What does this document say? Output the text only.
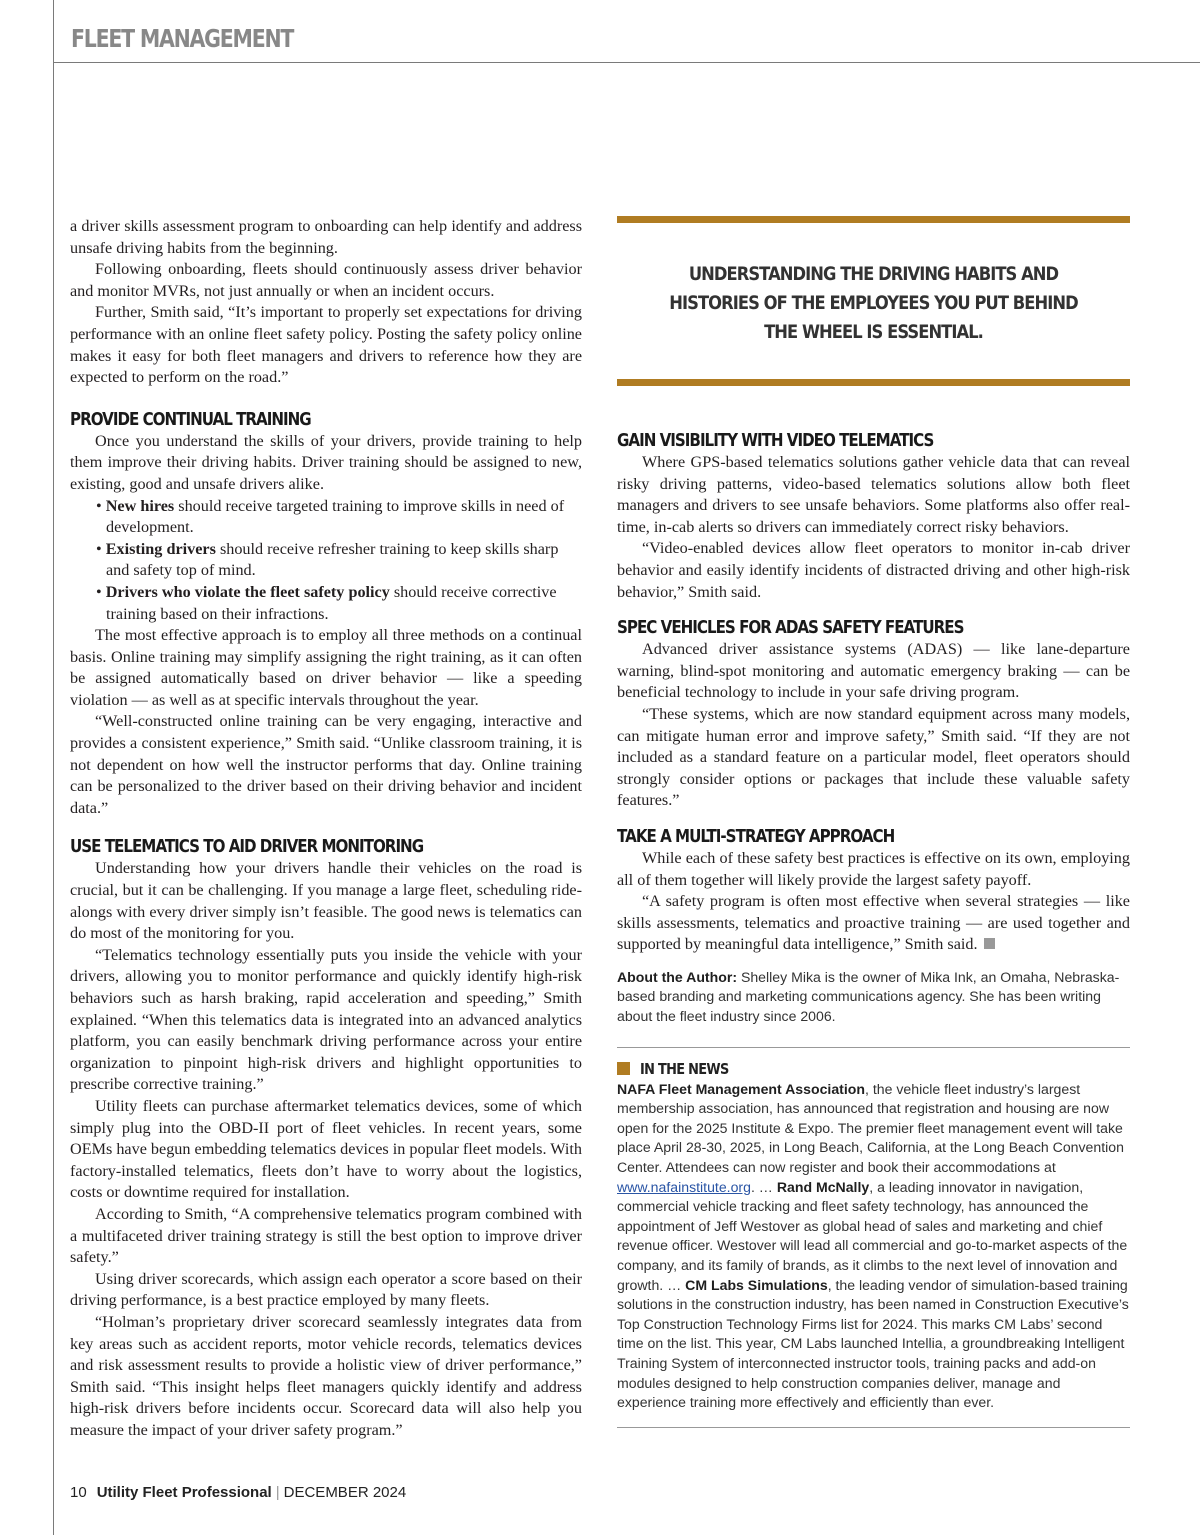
FLEET MANAGEMENT

a driver skills assessment program to onboarding can help identify and address unsafe driving habits from the beginning.

Following onboarding, fleets should continuously assess driver behavior and monitor MVRs, not just annually or when an incident occurs.

Further, Smith said, “It’s important to properly set expectations for driving performance with an online fleet safety policy. Posting the safety policy online makes it easy for both fleet managers and drivers to reference how they are expected to perform on the road.”

PROVIDE CONTINUAL TRAINING

Once you understand the skills of your drivers, provide training to help them improve their driving habits. Driver training should be assigned to new, existing, good and unsafe drivers alike.

• New hires should receive targeted training to improve skills in need of development.
• Existing drivers should receive refresher training to keep skills sharp and safety top of mind.
• Drivers who violate the fleet safety policy should receive corrective training based on their infractions.

The most effective approach is to employ all three methods on a continual basis. Online training may simplify assigning the right training, as it can often be assigned automatically based on driver behavior — like a speeding violation — as well as at specific intervals throughout the year.

“Well-constructed online training can be very engaging, interactive and provides a consistent experience,” Smith said. “Unlike classroom training, it is not dependent on how well the instructor performs that day. Online training can be personalized to the driver based on their driving behavior and incident data.”

USE TELEMATICS TO AID DRIVER MONITORING

Understanding how your drivers handle their vehicles on the road is crucial, but it can be challenging. If you manage a large fleet, scheduling ride-alongs with every driver simply isn’t feasible. The good news is telematics can do most of the monitoring for you.

“Telematics technology essentially puts you inside the vehicle with your drivers, allowing you to monitor performance and quickly identify high-risk behaviors such as harsh braking, rapid acceleration and speeding,” Smith explained. “When this telematics data is integrated into an advanced analytics platform, you can easily benchmark driving performance across your entire organization to pinpoint high-risk drivers and highlight opportunities to prescribe corrective training.”

Utility fleets can purchase aftermarket telematics devices, some of which simply plug into the OBD-II port of fleet vehicles. In recent years, some OEMs have begun embedding telematics devices in popular fleet models. With factory-installed telematics, fleets don’t have to worry about the logistics, costs or downtime required for installation.

According to Smith, “A comprehensive telematics program combined with a multifaceted driver training strategy is still the best option to improve driver safety.”

Using driver scorecards, which assign each operator a score based on their driving performance, is a best practice employed by many fleets.

“Holman’s proprietary driver scorecard seamlessly integrates data from key areas such as accident reports, motor vehicle records, telematics devices and risk assessment results to provide a holistic view of driver performance,” Smith said. “This insight helps fleet managers quickly identify and address high-risk drivers before incidents occur. Scorecard data will also help you measure the impact of your driver safety program.”

UNDERSTANDING THE DRIVING HABITS AND HISTORIES OF THE EMPLOYEES YOU PUT BEHIND THE WHEEL IS ESSENTIAL.
GAIN VISIBILITY WITH VIDEO TELEMATICS

Where GPS-based telematics solutions gather vehicle data that can reveal risky driving patterns, video-based telematics solutions allow both fleet managers and drivers to see unsafe behaviors. Some platforms also offer real-time, in-cab alerts so drivers can immediately correct risky behaviors.

“Video-enabled devices allow fleet operators to monitor in-cab driver behavior and easily identify incidents of distracted driving and other high-risk behavior,” Smith said.

SPEC VEHICLES FOR ADAS SAFETY FEATURES

Advanced driver assistance systems (ADAS) — like lane-departure warning, blind-spot monitoring and automatic emergency braking — can be beneficial technology to include in your safe driving program.

“These systems, which are now standard equipment across many models, can mitigate human error and improve safety,” Smith said. “If they are not included as a standard feature on a particular model, fleet operators should strongly consider options or packages that include these valuable safety features.”

TAKE A MULTI-STRATEGY APPROACH

While each of these safety best practices is effective on its own, employing all of them together will likely provide the largest safety payoff.

“A safety program is often most effective when several strategies — like skills assessments, telematics and proactive training — are used together and supported by meaningful data intelligence,” Smith said.

About the Author: Shelley Mika is the owner of Mika Ink, an Omaha, Nebraska-based branding and marketing communications agency. She has been writing about the fleet industry since 2006.
IN THE NEWS
NAFA Fleet Management Association, the vehicle fleet industry’s largest membership association, has announced that registration and housing are now open for the 2025 Institute & Expo. The premier fleet management event will take place April 28-30, 2025, in Long Beach, California, at the Long Beach Convention Center. Attendees can now register and book their accommodations at www.nafainstitute.org. … Rand McNally, a leading innovator in navigation, commercial vehicle tracking and fleet safety technology, has announced the appointment of Jeff Westover as global head of sales and marketing and chief revenue officer. Westover will lead all commercial and go-to-market aspects of the company, and its family of brands, as it climbs to the next level of innovation and growth. … CM Labs Simulations, the leading vendor of simulation-based training solutions in the construction industry, has been named in Construction Executive’s Top Construction Technology Firms list for 2024. This marks CM Labs’ second time on the list. This year, CM Labs launched Intellia, a groundbreaking Intelligent Training System of interconnected instructor tools, training packs and add-on modules designed to help construction companies deliver, manage and experience training more effectively and efficiently than ever.
10 Utility Fleet Professional | DECEMBER 2024
